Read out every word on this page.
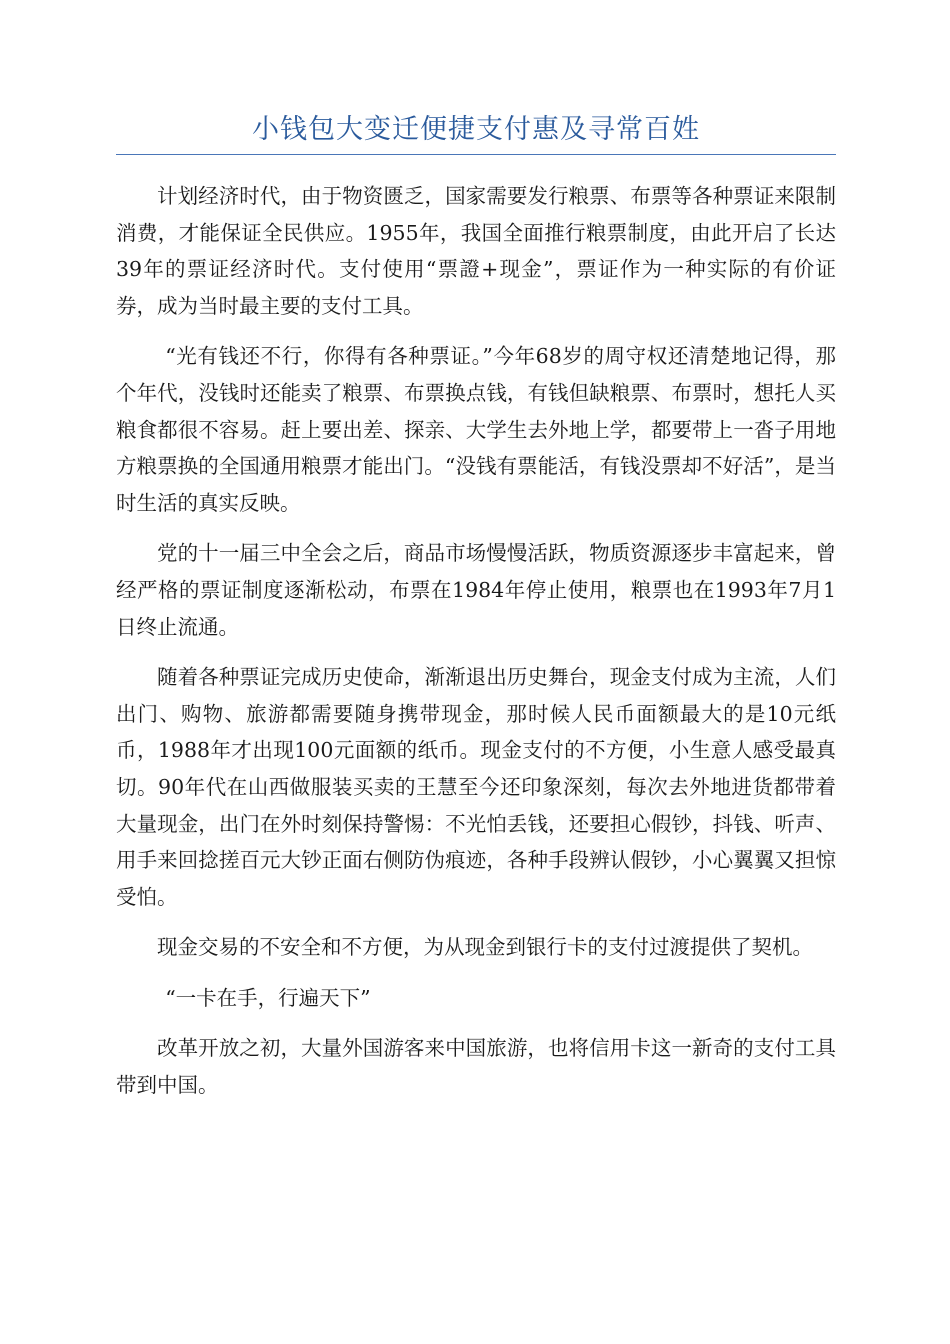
小钱包大变迁便捷支付惠及寻常百姓

计划经济时代，由于物资匮乏，国家需要发行粮票、布票等各种票证来限制消费，才能保证全民供应。1955年，我国全面推行粮票制度，由此开启了长达39年的票证经济时代。支付使用“票證+现金”，票证作为一种实际的有价证券，成为当时最主要的支付工具。

“光有钱还不行，你得有各种票证。”今年68岁的周守权还清楚地记得，那个年代，没钱时还能卖了粮票、布票换点钱，有钱但缺粮票、布票时，想托人买粮食都很不容易。赶上要出差、探亲、大学生去外地上学，都要带上一沓子用地方粮票换的全国通用粮票才能出门。“没钱有票能活，有钱没票却不好活”，是当时生活的真实反映。

党的十一届三中全会之后，商品市场慢慢活跃，物质资源逐步丰富起来，曾经严格的票证制度逐渐松动，布票在1984年停止使用，粮票也在1993年7月1日终止流通。

随着各种票证完成历史使命，渐渐退出历史舞台，现金支付成为主流，人们出门、购物、旅游都需要随身携带现金，那时候人民币面额最大的是10元纸币，1988年才出现100元面额的纸币。现金支付的不方便，小生意人感受最真切。90年代在山西做服装买卖的王慧至今还印象深刻，每次去外地进货都带着大量现金，出门在外时刻保持警惕：不光怕丢钱，还要担心假钞，抖钱、听声、用手来回捻搓百元大钞正面右侧防伪痕迹，各种手段辨认假钞，小心翼翼又担惊受怕。

现金交易的不安全和不方便，为从现金到银行卡的支付过渡提供了契机。

“一卡在手，行遍天下”

改革开放之初，大量外国游客来中国旅游，也将信用卡这一新奇的支付工具带到中国。
